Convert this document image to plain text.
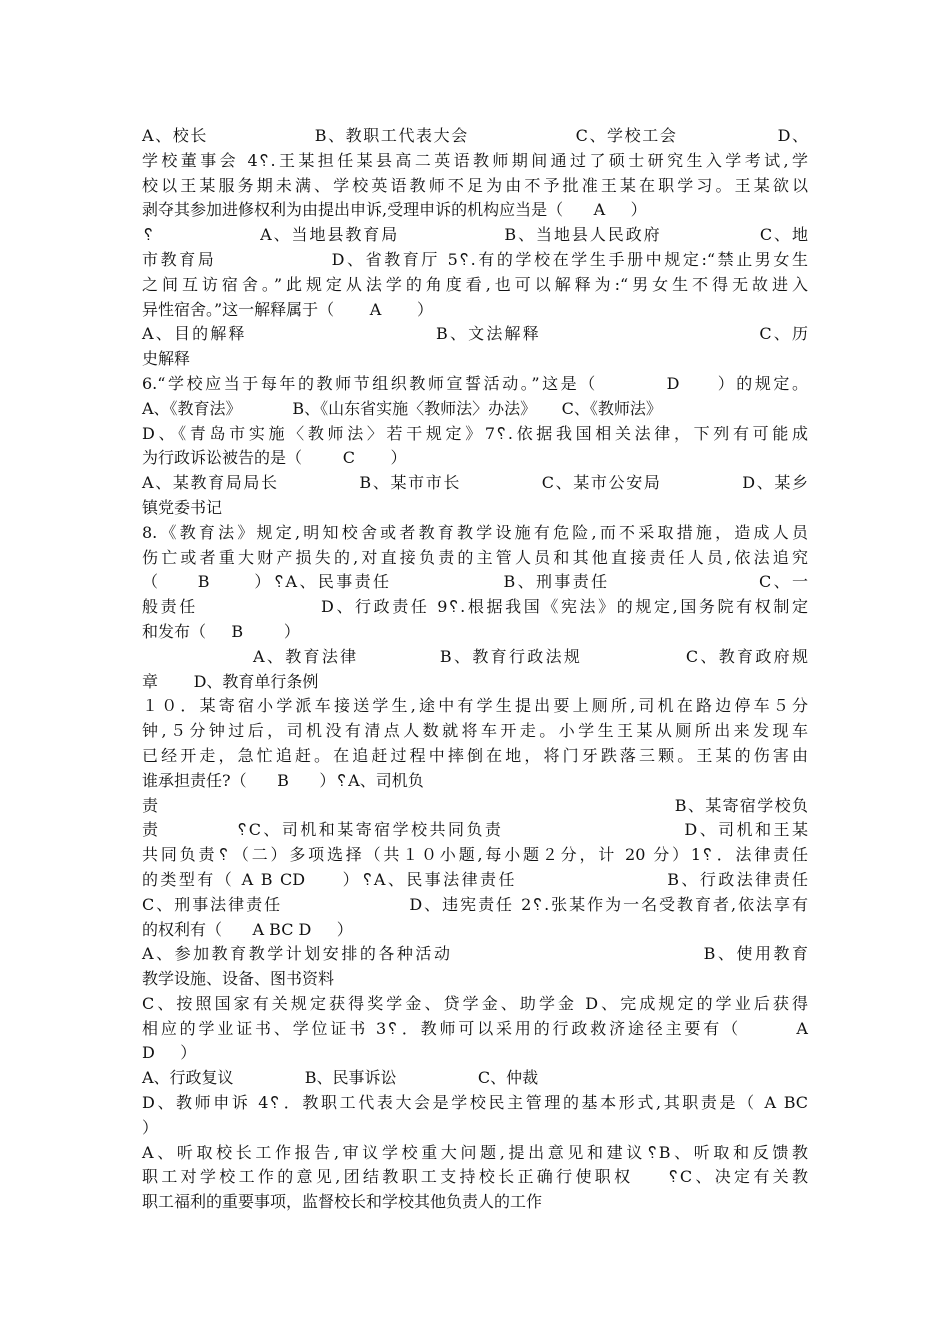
A、校长                B、教职工代表大会                C、学校工会               D、
学校董事会 4␦.王某担任某县高二英语教师期间通过了硕士研究生入学考试,学
校以王某服务期未满、学校英语教师不足为由不予批准王某在职学习。王某欲以
剥夺其参加进修权利为由提出申诉,受理申诉的机构应当是（      A     ）
␦               A、当地县教育局               B、当地县人民政府              C、地
市教育局               D、省教育厅 5␦.有的学校在学生手册中规定:“禁止男女生
之间互访宿舍。”此规定从法学的角度看,也可以解释为:“男女生不得无故进入
异性宿舍。”这一解释属于（       A       ）
A、目的解释                          B、文法解释                              C、历
史解释
6.“学校应当于每年的教师节组织教师宣誓活动。”这是（         D     ）的规定。
A、《教育法》          B、《山东省实施〈教师法〉办法》     C、《教师法》
D、《青岛市实施〈教师法〉若干规定》7␦.依据我国相关法律，下列有可能成
为行政诉讼被告的是（        C       ）
A、某教育局局长            B、某市市长            C、某市公安局            D、某乡
镇党委书记
8.《教育法》规定,明知校舍或者教育教学设施有危险,而不采取措施，造成人员
伤亡或者重大财产损失的,对直接负责的主管人员和其他直接责任人员,依法追究
（     B      ）␦A、民事责任               B、刑事责任                    C、一
般责任                D、行政责任 9␦.根据我国《宪法》的规定,国务院有权制定
和发布（     B        ）
A、教育法律           B、教育行政法规              C、教育政府规
章       D、教育单行条例
１０．某寄宿小学派车接送学生,途中有学生提出要上厕所,司机在路边停车５分
钟,５分钟过后，司机没有清点人数就将车开走。小学生王某从厕所出来发现车
已经开走，急忙追赶。在追赶过程中摔倒在地，将门牙跌落三颗。王某的伤害由
谁承担责任?（      B      ）␦A、司机负
责                                                                                B、某寄宿学校负
责          ␦C、司机和某寄宿学校共同负责                        D、司机和王某
共同负责␦（二）多项选择（共１０小题,每小题２分，计 20 分）1␦．法律责任
的类型有（ A B CD     ）␦A、民事法律责任                    B、行政法律责任
C、刑事法律责任                  D、违宪责任 2␦.张某作为一名受教育者,依法享有
的权利有（      A BC D     ）
A、参加教育教学计划安排的各种活动                                 B、使用教育
教学设施、设备、图书资料
C、按照国家有关规定获得奖学金、贷学金、助学金 D、完成规定的学业后获得
相应的学业证书、学位证书 3␦．教师可以采用的行政救济途径主要有（       A
D     ）
A、行政复议              B、民事诉讼                C、仲裁
D、教师申诉 4␦．教职工代表大会是学校民主管理的基本形式,其职责是（ A BC
）
A、听取校长工作报告,审议学校重大问题,提出意见和建议␦B、听取和反馈教
职工对学校工作的意见,团结教职工支持校长正确行使职权    ␦C、决定有关教
职工福利的重要事项，监督校长和学校其他负责人的工作
